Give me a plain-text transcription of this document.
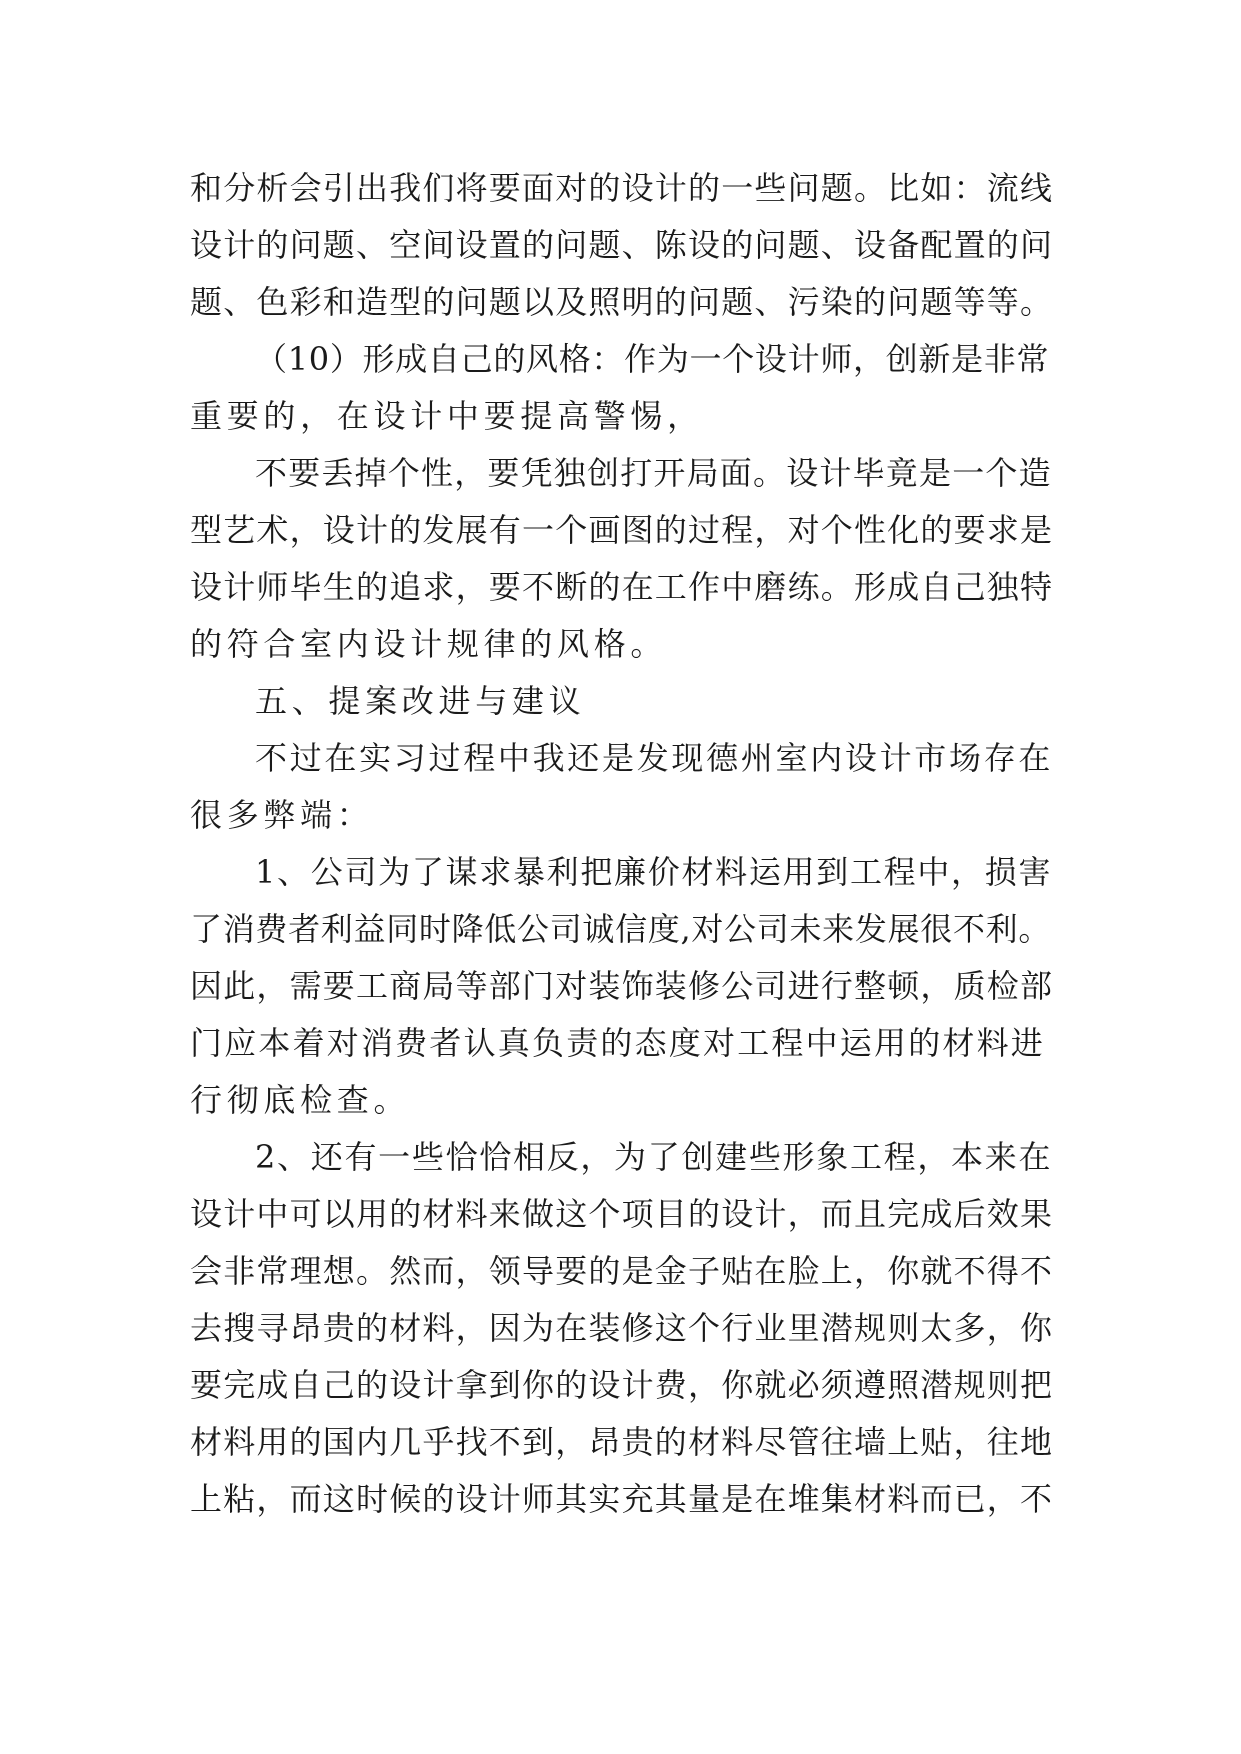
和分析会引出我们将要面对的设计的一些问题。比如：流线
设计的问题、空间设置的问题、陈设的问题、设备配置的问
题、色彩和造型的问题以及照明的问题、污染的问题等等。
（10）形成自己的风格：作为一个设计师，创新是非常
重要的，在设计中要提高警惕，
不要丢掉个性，要凭独创打开局面。设计毕竟是一个造
型艺术，设计的发展有一个画图的过程，对个性化的要求是
设计师毕生的追求，要不断的在工作中磨练。形成自己独特
的符合室内设计规律的风格。
五、提案改进与建议
不过在实习过程中我还是发现德州室内设计市场存在
很多弊端：
1、公司为了谋求暴利把廉价材料运用到工程中，损害
了消费者利益同时降低公司诚信度,对公司未来发展很不利。
因此，需要工商局等部门对装饰装修公司进行整顿，质检部
门应本着对消费者认真负责的态度对工程中运用的材料进
行彻底检查。
2、还有一些恰恰相反，为了创建些形象工程，本来在
设计中可以用的材料来做这个项目的设计，而且完成后效果
会非常理想。然而，领导要的是金子贴在脸上，你就不得不
去搜寻昂贵的材料，因为在装修这个行业里潜规则太多，你
要完成自己的设计拿到你的设计费，你就必须遵照潜规则把
材料用的国内几乎找不到，昂贵的材料尽管往墙上贴，往地
上粘，而这时候的设计师其实充其量是在堆集材料而已，不
